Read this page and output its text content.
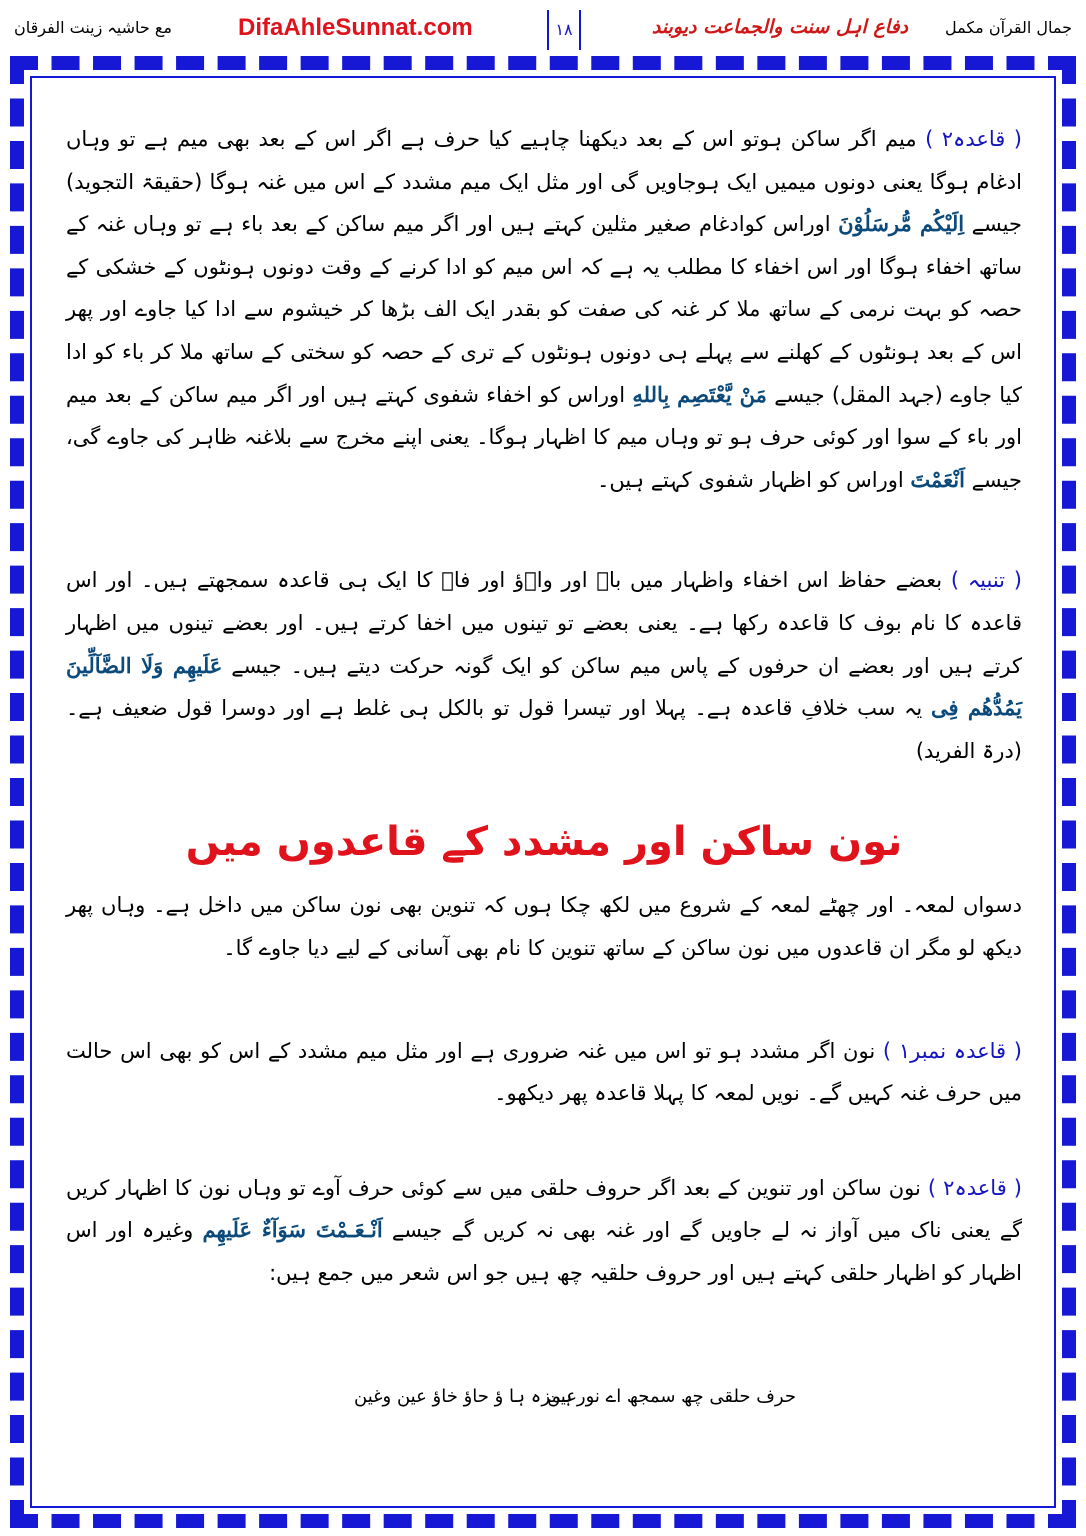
جمال القرآن مکمل
دفاع اہل سنت والجماعت دیوبند
۱۸
DifaAhleSunnat.com
مع حاشیہ زینت الفرقان

( قاعدہ۲ ) میم اگر ساکن ہوتو اس کے بعد دیکھنا چاہیے کیا حرف ہے اگر اس کے بعد بھی میم ہے تو وہاں ادغام ہوگا یعنی دونوں میمیں ایک ہوجاویں گی اور مثل ایک میم مشدد کے اس میں غنہ ہوگا (حقیقۃ التجوید) جیسے اِلَیْکُم مُّرسَلُوْنَ اوراس کوادغام صغیر مثلین کہتے ہیں اور اگر میم ساکن کے بعد باء ہے تو وہاں غنہ کے ساتھ اخفاء ہوگا اور اس اخفاء کا مطلب یہ ہے کہ اس میم کو ادا کرنے کے وقت دونوں ہونٹوں کے خشکی کے حصہ کو بہت نرمی کے ساتھ ملا کر غنہ کی صفت کو بقدر ایک الف بڑھا کر خیشوم سے ادا کیا جاوے اور پھر اس کے بعد ہونٹوں کے کھلنے سے پہلے ہی دونوں ہونٹوں کے تری کے حصہ کو سختی کے ساتھ ملا کر باء کو ادا کیا جاوے (جہد المقل) جیسے مَنْ یَّعْتَصِم بِاللهِ اوراس کو اخفاء شفوی کہتے ہیں اور اگر میم ساکن کے بعد میم اور باء کے سوا اور کوئی حرف ہو تو وہاں میم کا اظہار ہوگا۔ یعنی اپنے مخرج سے بلاغنہ ظاہر کی جاوے گی، جیسے اَنْعَمْتَ اوراس کو اظہار شفوی کہتے ہیں۔

( تنبیہ ) بعضے حفاظ اس اخفاء واظہار میں باؔ اور واؔؤ اور فاؔ کا ایک ہی قاعدہ سمجھتے ہیں۔ اور اس قاعدہ کا نام بوف کا قاعدہ رکھا ہے۔ یعنی بعضے تو تینوں میں اخفا کرتے ہیں۔ اور بعضے تینوں میں اظہار کرتے ہیں اور بعضے ان حرفوں کے پاس میم ساکن کو ایک گونہ حرکت دیتے ہیں۔ جیسے عَلَیھِم وَلَا الضَّآلِّینَ یَمُدُّھُم فِی یہ سب خلافِ قاعدہ ہے۔ پہلا اور تیسرا قول تو بالکل ہی غلط ہے اور دوسرا قول ضعیف ہے۔ (درۃ الفرید)

نون ساکن اور مشدد کے قاعدوں میں

دسواں لمعہ۔ اور چھٹے لمعہ کے شروع میں لکھ چکا ہوں کہ تنوین بھی نون ساکن میں داخل ہے۔ وہاں پھر دیکھ لو مگر ان قاعدوں میں نون ساکن کے ساتھ تنوین کا نام بھی آسانی کے لیے دیا جاوے گا۔

( قاعدہ نمبر۱ ) نون اگر مشدد ہو تو اس میں غنہ ضروری ہے اور مثل میم مشدد کے اس کو بھی اس حالت میں حرف غنہ کہیں گے۔ نویں لمعہ کا پہلا قاعدہ پھر دیکھو۔

( قاعدہ۲ ) نون ساکن اور تنوین کے بعد اگر حروف حلقی میں سے کوئی حرف آوے تو وہاں نون کا اظہار کریں گے یعنی ناک میں آواز نہ لے جاویں گے اور غنہ بھی نہ کریں گے جیسے اَنْـعَـمْتَ سَوَآءٌ عَلَیھِم وغیرہ اور اس اظہار کو اظہار حلقی کہتے ہیں اور حروف حلقیہ چھ ہیں جو اس شعر میں جمع ہیں:

حرف حلقی چھ سمجھ اے نورعین
ہمزہ ہا ؤ حاؤ خاؤ عین وغین
